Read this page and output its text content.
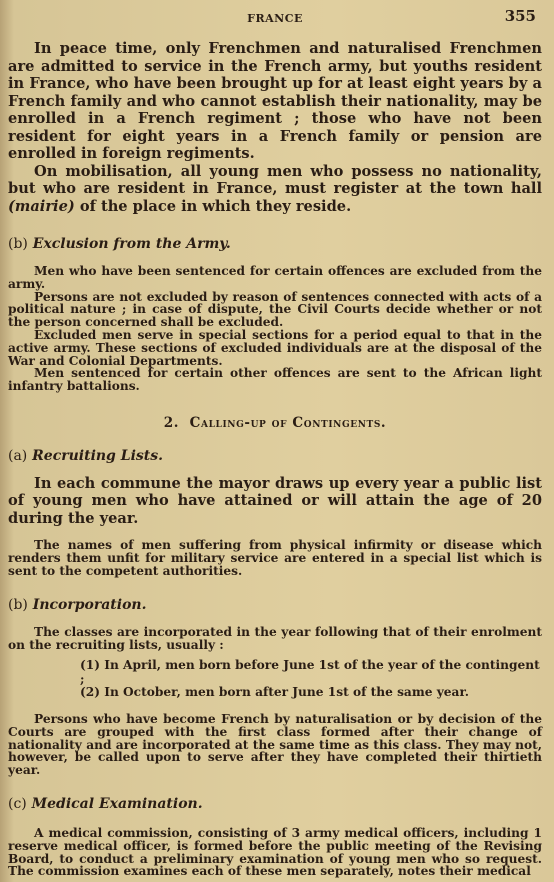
FRANCE	355

In peace time, only Frenchmen and naturalised Frenchmen are admitted to service in the French army, but youths resident in France, who have been brought up for at least eight years by a French family and who cannot establish their nationality, may be enrolled in a French regiment ; those who have not been resident for eight years in a French family or pension are enrolled in foreign regiments.

On mobilisation, all young men who possess no nationality, but who are resident in France, must register at the town hall (mairie) of the place in which they reside.

(b) Exclusion from the Army.

Men who have been sentenced for certain offences are excluded from the army.

Persons are not excluded by reason of sentences connected with acts of a political nature ; in case of dispute, the Civil Courts decide whether or not the person concerned shall be excluded.

Excluded men serve in special sections for a period equal to that in the active army. These sections of excluded individuals are at the disposal of the War and Colonial Departments.

Men sentenced for certain other offences are sent to the African light infantry battalions.

2. Calling-up of Contingents.
(a) Recruiting Lists.

In each commune the mayor draws up every year a public list of young men who have attained or will attain the age of 20 during the year.

The names of men suffering from physical infirmity or disease which renders them unfit for military service are entered in a special list which is sent to the competent authorities.

(b) Incorporation.

The classes are incorporated in the year following that of their enrolment on the recruiting lists, usually :

(1) In April, men born before June 1st of the year of the contingent ;
(2) In October, men born after June 1st of the same year.

Persons who have become French by naturalisation or by decision of the Courts are grouped with the first class formed after their change of nationality and are incorporated at the same time as this class. They may not, however, be called upon to serve after they have completed their thirtieth year.

(c) Medical Examination.

A medical commission, consisting of 3 army medical officers, including 1 reserve medical officer, is formed before the public meeting of the Revising Board, to conduct a preliminary examination of young men who so request. The commission examines each of these men separately, notes their medical
